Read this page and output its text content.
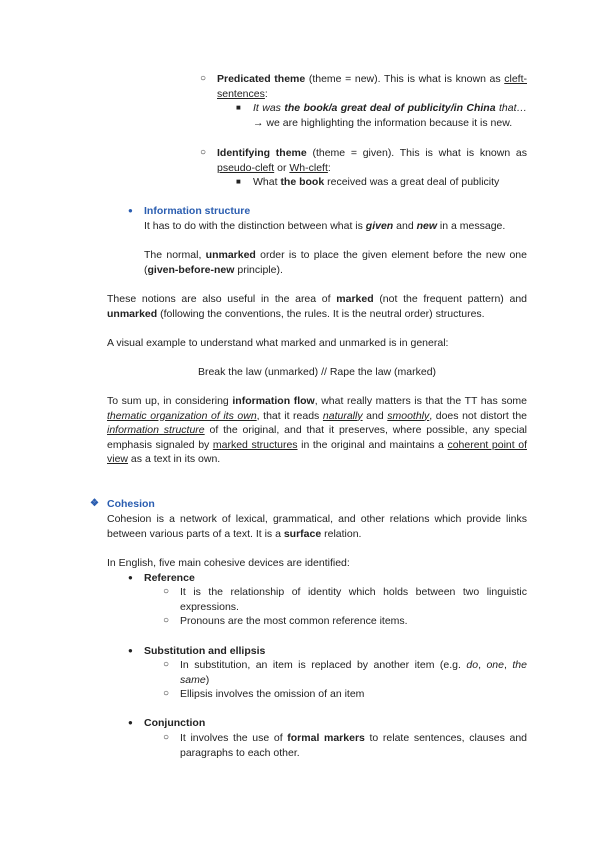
○ Predicated theme (theme = new). This is what is known as cleft-sentences:
■ It was the book/a great deal of publicity/in China that… → we are highlighting the information because it is new.
○ Identifying theme (theme = given). This is what is known as pseudo-cleft or Wh-cleft:
■ What the book received was a great deal of publicity
● Information structure
It has to do with the distinction between what is given and new in a message.
The normal, unmarked order is to place the given element before the new one (given-before-new principle).
These notions are also useful in the area of marked (not the frequent pattern) and unmarked (following the conventions, the rules. It is the neutral order) structures.
A visual example to understand what marked and unmarked is in general:
Break the law (unmarked) // Rape the law (marked)
To sum up, in considering information flow, what really matters is that the TT has some thematic organization of its own, that it reads naturally and smoothly, does not distort the information structure of the original, and that it preserves, where possible, any special emphasis signaled by marked structures in the original and maintains a coherent point of view as a text in its own.
❖ Cohesion
Cohesion is a network of lexical, grammatical, and other relations which provide links between various parts of a text. It is a surface relation.
In English, five main cohesive devices are identified:
● Reference
○ It is the relationship of identity which holds between two linguistic expressions.
○ Pronouns are the most common reference items.
● Substitution and ellipsis
○ In substitution, an item is replaced by another item (e.g. do, one, the same)
○ Ellipsis involves the omission of an item
● Conjunction
○ It involves the use of formal markers to relate sentences, clauses and paragraphs to each other.
